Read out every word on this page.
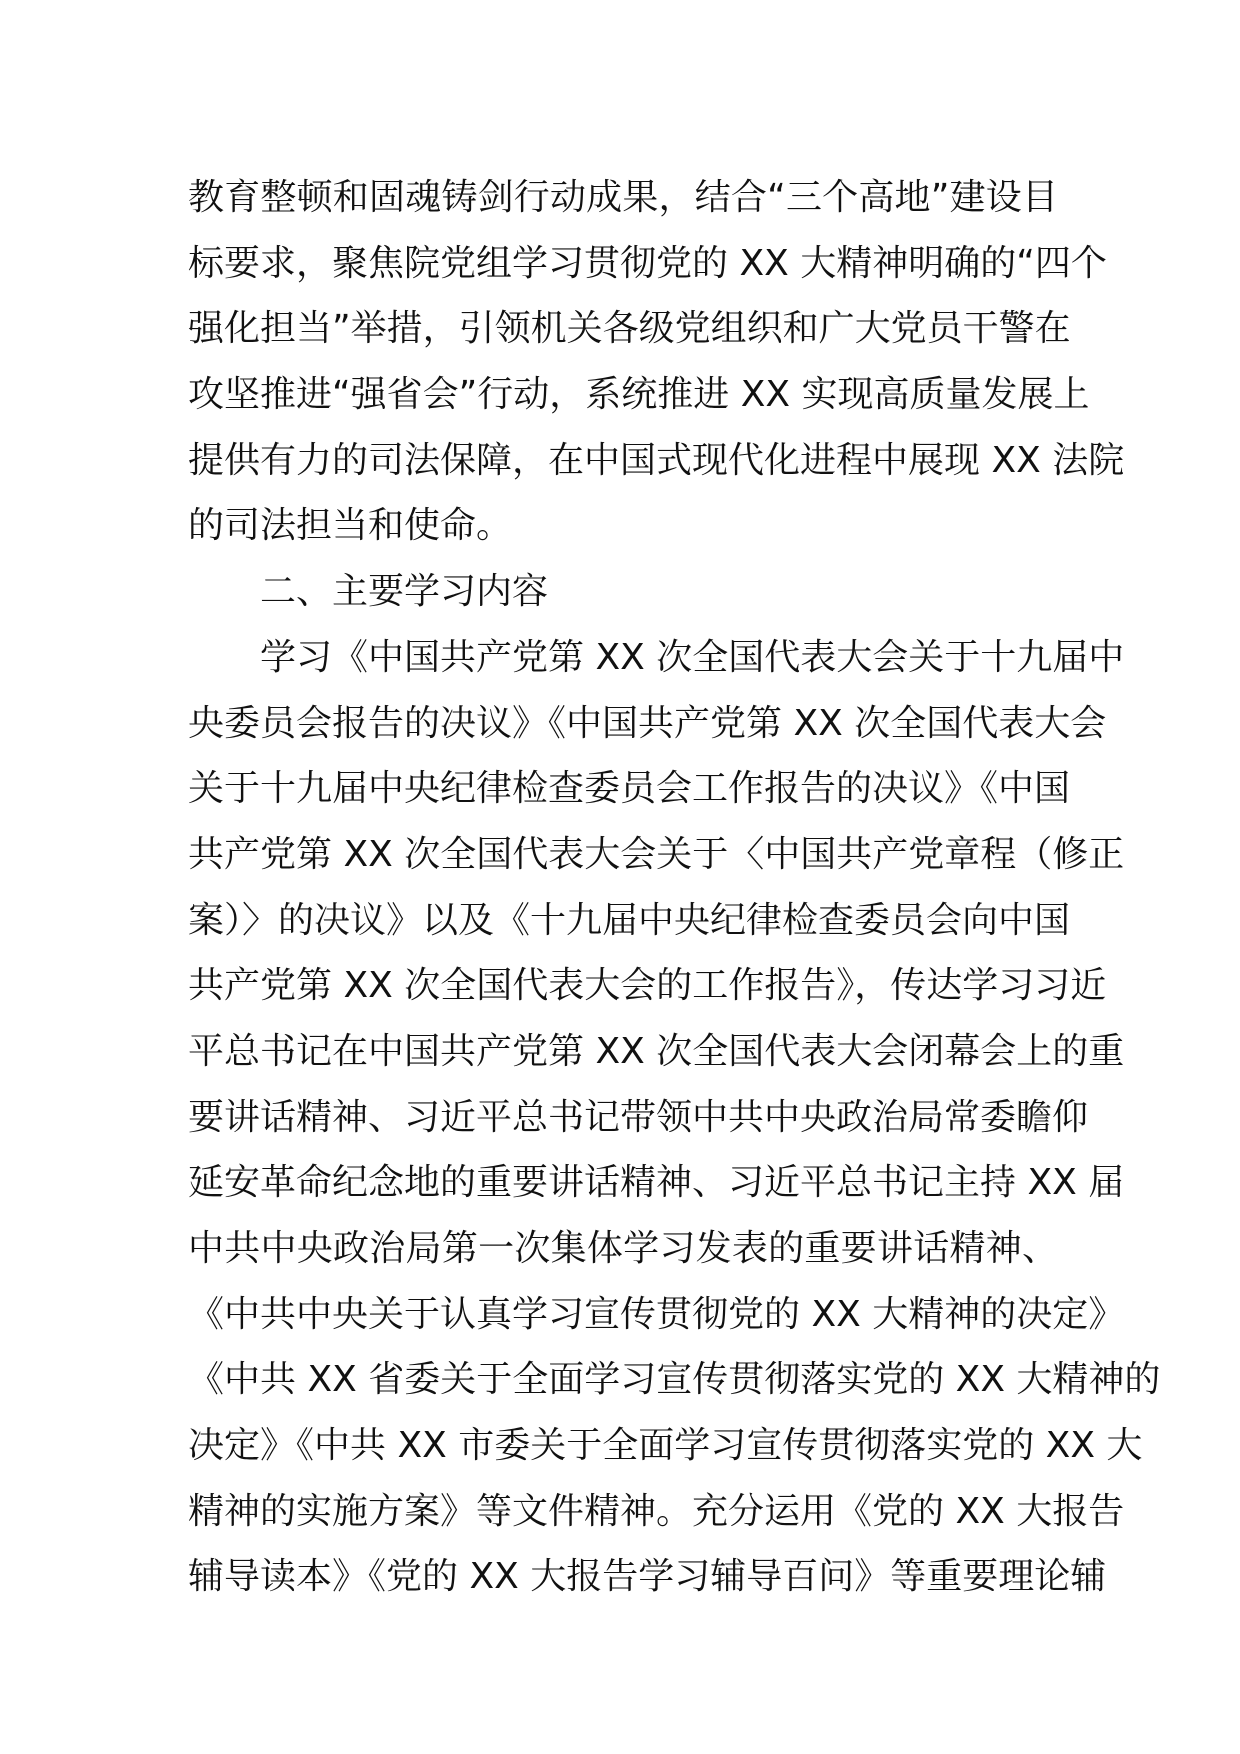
教育整顿和固魂铸剑行动成果，结合“三个高地”建设目
标要求，聚焦院党组学习贯彻党的 XX 大精神明确的“四个
强化担当”举措，引领机关各级党组织和广大党员干警在
攻坚推进“强省会”行动，系统推进 XX 实现高质量发展上
提供有力的司法保障，在中国式现代化进程中展现 XX 法院
的司法担当和使命。
二、主要学习内容
学习《中国共产党第 XX 次全国代表大会关于十九届中
央委员会报告的决议》《中国共产党第 XX 次全国代表大会
关于十九届中央纪律检查委员会工作报告的决议》《中国
共产党第 XX 次全国代表大会关于〈中国共产党章程（修正
案）〉的决议》以及《十九届中央纪律检查委员会向中国
共产党第 XX 次全国代表大会的工作报告》，传达学习习近
平总书记在中国共产党第 XX 次全国代表大会闭幕会上的重
要讲话精神、习近平总书记带领中共中央政治局常委瞻仰
延安革命纪念地的重要讲话精神、习近平总书记主持 XX 届
中共中央政治局第一次集体学习发表的重要讲话精神、
《中共中央关于认真学习宣传贯彻党的 XX 大精神的决定》
《中共 XX 省委关于全面学习宣传贯彻落实党的 XX 大精神的
决定》《中共 XX 市委关于全面学习宣传贯彻落实党的 XX 大
精神的实施方案》等文件精神。充分运用《党的 XX 大报告
辅导读本》《党的 XX 大报告学习辅导百问》等重要理论辅
